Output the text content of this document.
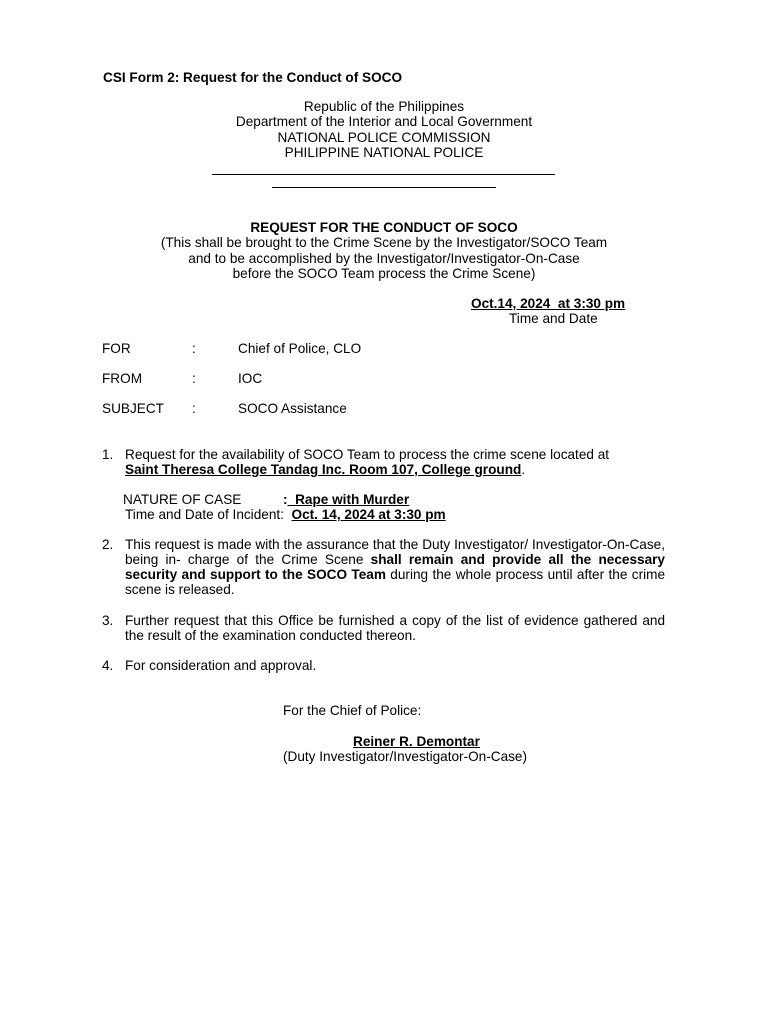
CSI Form 2: Request for the Conduct of SOCO
Republic of the Philippines
Department of the Interior and Local Government
NATIONAL POLICE COMMISSION
PHILIPPINE NATIONAL POLICE
REQUEST FOR THE CONDUCT OF SOCO
(This shall be brought to the Crime Scene by the Investigator/SOCO Team
and to be accomplished by the Investigator/Investigator-On-Case
before the SOCO Team process the Crime Scene)
Oct.14, 2024  at 3:30 pm
Time and Date
FOR	:	Chief of Police, CLO
FROM	:	IOC
SUBJECT :	SOCO Assistance
1. Request for the availability of SOCO Team to process the crime scene located at
Saint Theresa College Tandag Inc. Room 107, College ground.
NATURE OF CASE	: Rape with Murder
Time and Date of Incident: Oct. 14, 2024 at 3:30 pm
2. This request is made with the assurance that the Duty Investigator/ Investigator-On-Case, being in- charge of the Crime Scene shall remain and provide all the necessary security and support to the SOCO Team during the whole process until after the crime scene is released.
3. Further request that this Office be furnished a copy of the list of evidence gathered and the result of the examination conducted thereon.
4. For consideration and approval.
For the Chief of Police:
Reiner R. Demontar
(Duty Investigator/Investigator-On-Case)
